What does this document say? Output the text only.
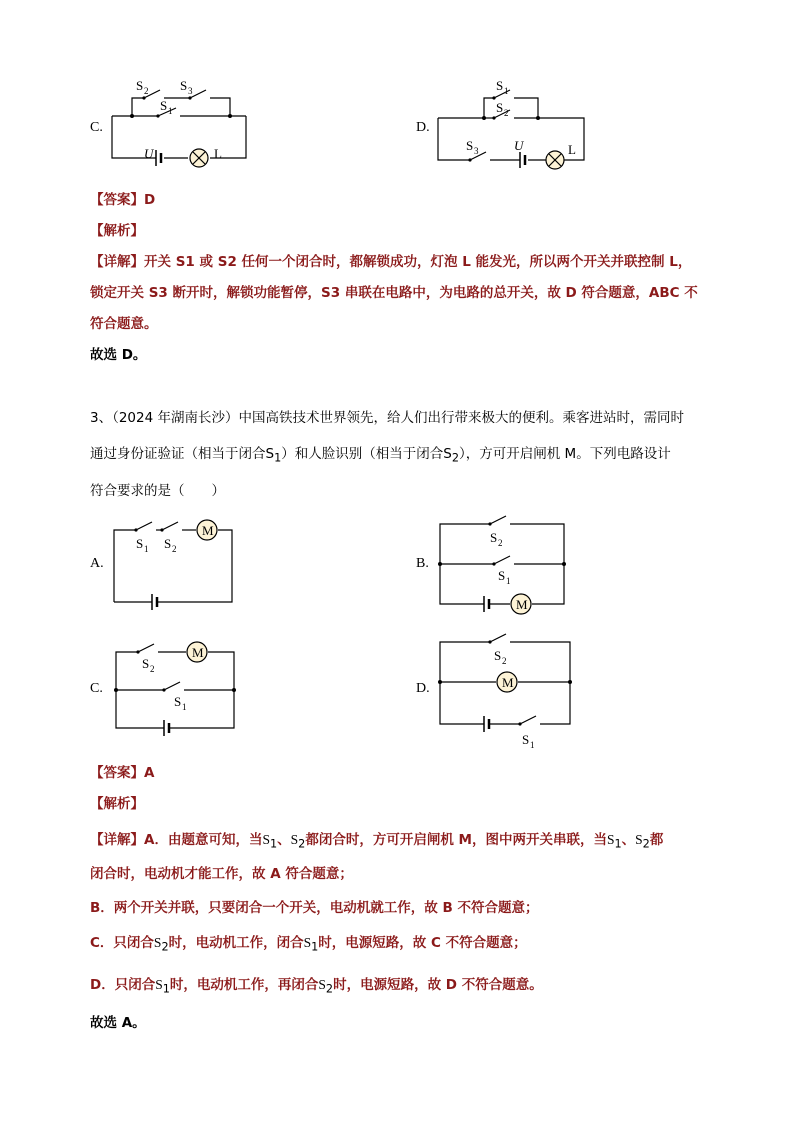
C.
S 2 S 3
S 1
U	L
D.
S 1
S 2
S 3	U	L
【答案】D
【解析】
【详解】开关 S1 或 S2 任何一个闭合时，都解锁成功，灯泡 L 能发光，所以两个开关并联控制 L，
锁定开关 S3 断开时，解锁功能暂停，S3 串联在电路中，为电路的总开关，故 D 符合题意，ABC 不
符合题意。
故选 D。
3、（2024 年湖南长沙）中国高铁技术世界领先，给人们出行带来极大的便利。乘客进站时，需同时
通过身份证验证（相当于闭合$S_1$）和人脸识别（相当于闭合$S_2$），方可开启闸机 M。下列电路设计
符合要求的是（　　）
A.
M
S 1 S 2
B.
M
S 2
S 1
C.
M
S 2
S 1
D.	M
S 2
S 1
【答案】A
【解析】
【详解】A．由题意可知，当$S_1$、$S_2$都闭合时，方可开启闸机 M，图中两开关串联，当$S_1$、$S_2$都
闭合时，电动机才能工作，故 A 符合题意；
B．两个开关并联，只要闭合一个开关，电动机就工作，故 B 不符合题意；
C．只闭合$S_2$时，电动机工作，闭合$S_1$时，电源短路，故 C 不符合题意；
D．只闭合$S_1$时，电动机工作，再闭合$S_2$时，电源短路，故 D 不符合题意。
故选 A。
